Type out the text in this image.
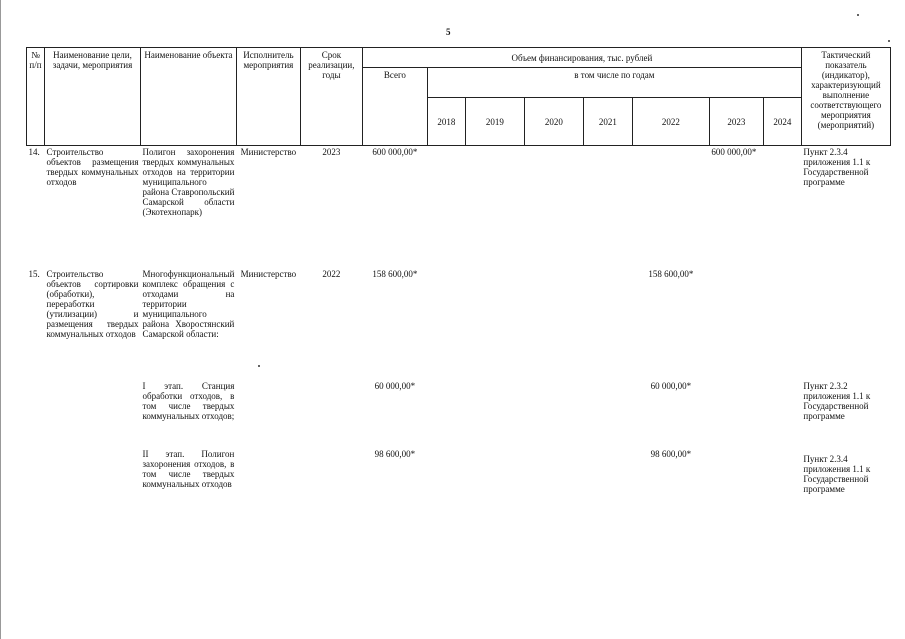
5
№ п/п	Наименование цели, задачи, мероприятия	Наименование объекта	Исполнитель мероприятия	Срок реализации, годы	Объем финансирования, тыс. рублей								Тактический показатель (индикатор), характеризующий выполнение соответствующего мероприятия (мероприятий)
					Всего	в том числе по годам							
						2018	2019	2020	2021	2022	2023	2024	
14.	Строительство объектов размещения твердых коммунальных отходов	Полигон захоронения твердых коммунальных отходов на территории муниципального района Ставропольский Самарской области (Экотехнопарк)	Министерство	2023	600 000,00*						600 000,00*		Пункт 2.3.4 приложения 1.1 к Государственной программе
15.	Строительство объектов сортировки (обработки), переработки (утилизации) и размещения твердых коммунальных отходов	Многофункциональный комплекс обращения с отходами на территории муниципального района Хворостянский Самарской области:	Министерство	2022	158 600,00*					158 600,00*			
		I этап. Станция обработки отходов, в том числе твердых коммунальных отходов;			60 000,00*					60 000,00*			Пункт 2.3.2 приложения 1.1 к Государственной программе
		II этап. Полигон захоронения отходов, в том числе твердых коммунальных отходов			98 600,00*					98 600,00*			Пункт 2.3.4 приложения 1.1 к Государственной программе
